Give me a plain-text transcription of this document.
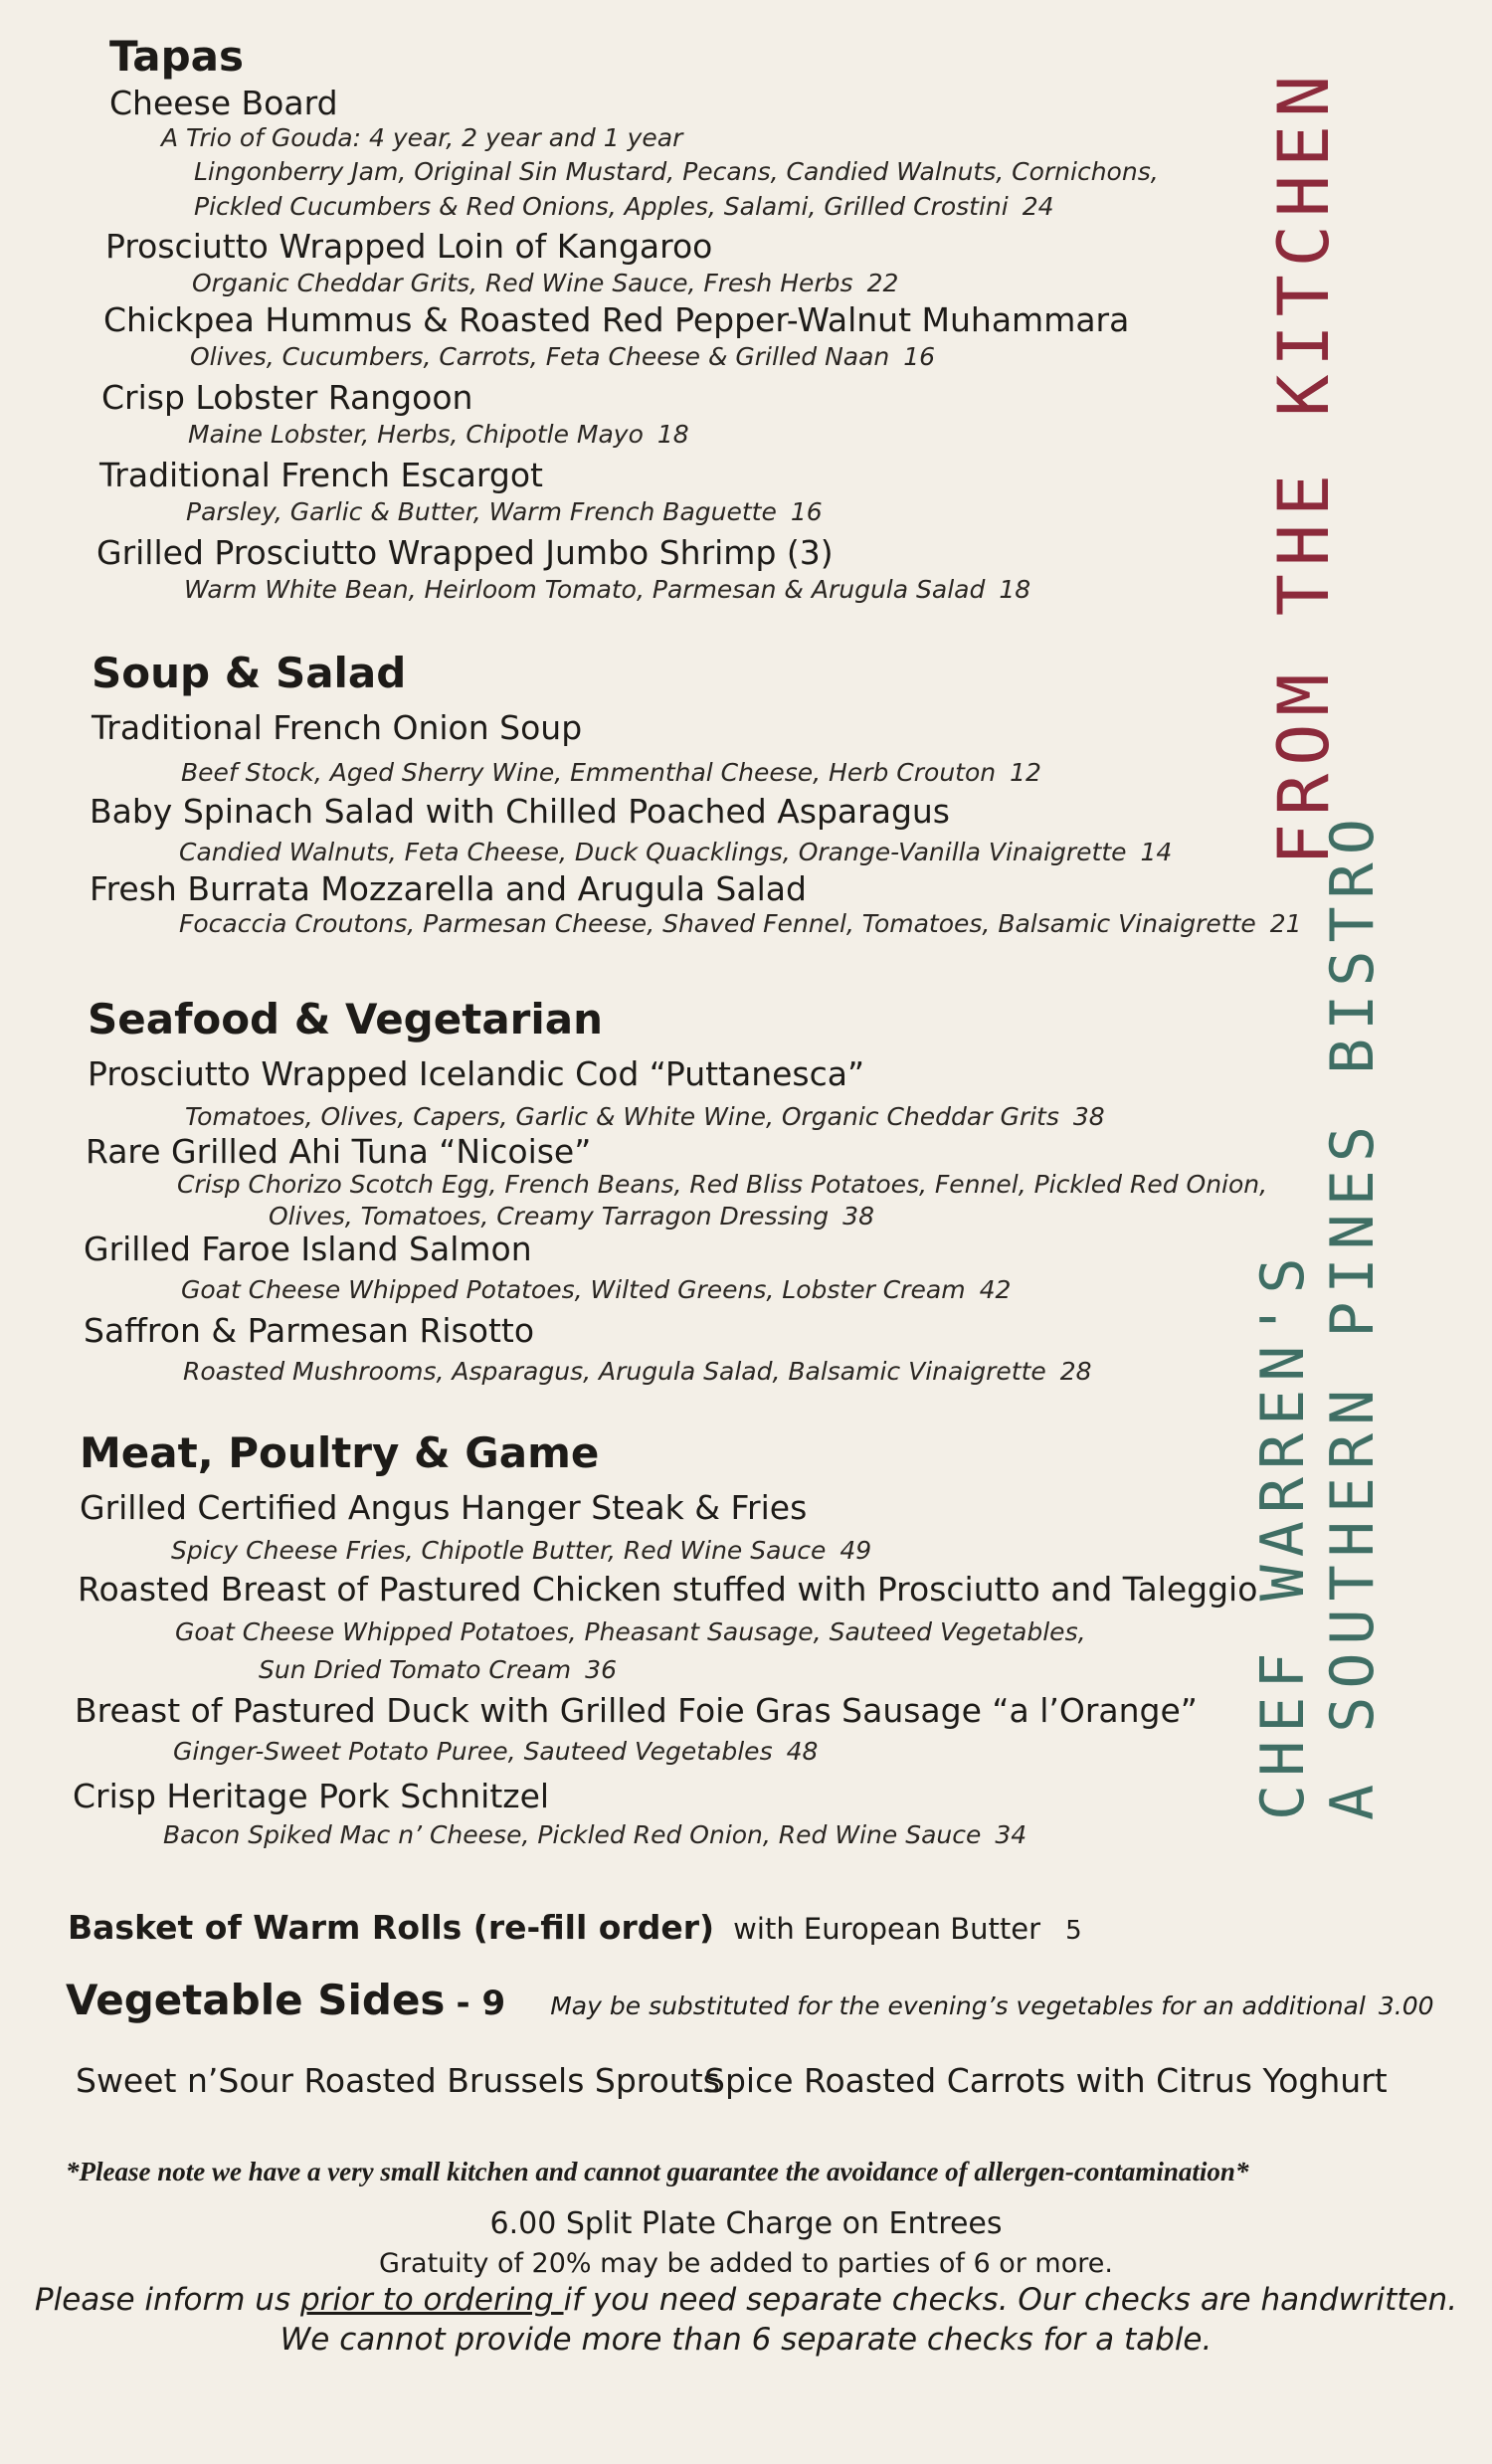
FROM THE KITCHEN
CHEF WARREN'S A SOUTHERN PINES BISTRO
Tapas
Cheese Board
A Trio of Gouda: 4 year, 2 year and 1 year
Lingonberry Jam, Original Sin Mustard, Pecans, Candied Walnuts, Cornichons,
Pickled Cucumbers & Red Onions, Apples, Salami, Grilled Crostini 24
Prosciutto Wrapped Loin of Kangaroo
Organic Cheddar Grits, Red Wine Sauce, Fresh Herbs 22
Chickpea Hummus & Roasted Red Pepper-Walnut Muhammara
Olives, Cucumbers, Carrots, Feta Cheese & Grilled Naan 16
Crisp Lobster Rangoon
Maine Lobster, Herbs, Chipotle Mayo 18
Traditional French Escargot
Parsley, Garlic & Butter, Warm French Baguette 16
Grilled Prosciutto Wrapped Jumbo Shrimp (3)
Warm White Bean, Heirloom Tomato, Parmesan & Arugula Salad 18
Soup & Salad
Traditional French Onion Soup
Beef Stock, Aged Sherry Wine, Emmenthal Cheese, Herb Crouton 12
Baby Spinach Salad with Chilled Poached Asparagus
Candied Walnuts, Feta Cheese, Duck Quacklings, Orange-Vanilla Vinaigrette 14
Fresh Burrata Mozzarella and Arugula Salad
Focaccia Croutons, Parmesan Cheese, Shaved Fennel, Tomatoes, Balsamic Vinaigrette 21
Seafood & Vegetarian
Prosciutto Wrapped Icelandic Cod “Puttanesca”
Tomatoes, Olives, Capers, Garlic & White Wine, Organic Cheddar Grits 38
Rare Grilled Ahi Tuna “Nicoise”
Crisp Chorizo Scotch Egg, French Beans, Red Bliss Potatoes, Fennel, Pickled Red Onion,
Olives, Tomatoes, Creamy Tarragon Dressing 38
Grilled Faroe Island Salmon
Goat Cheese Whipped Potatoes, Wilted Greens, Lobster Cream 42
Saffron & Parmesan Risotto
Roasted Mushrooms, Asparagus, Arugula Salad, Balsamic Vinaigrette 28
Meat, Poultry & Game
Grilled Certified Angus Hanger Steak & Fries
Spicy Cheese Fries, Chipotle Butter, Red Wine Sauce 49
Roasted Breast of Pastured Chicken stuffed with Prosciutto and Taleggio
Goat Cheese Whipped Potatoes, Pheasant Sausage, Sauteed Vegetables,
Sun Dried Tomato Cream 36
Breast of Pastured Duck with Grilled Foie Gras Sausage “a l’Orange”
Ginger-Sweet Potato Puree, Sauteed Vegetables 48
Crisp Heritage Pork Schnitzel
Bacon Spiked Mac n’ Cheese, Pickled Red Onion, Red Wine Sauce 34
Basket of Warm Rolls (re-fill order) with European Butter 5
Vegetable Sides - 9 May be substituted for the evening’s vegetables for an additional 3.00
Sweet n’Sour Roasted Brussels Sprouts
Spice Roasted Carrots with Citrus Yoghurt
*Please note we have a very small kitchen and cannot guarantee the avoidance of allergen-contamination*
6.00 Split Plate Charge on Entrees
Gratuity of 20% may be added to parties of 6 or more.
Please inform us prior to ordering if you need separate checks. Our checks are handwritten.
We cannot provide more than 6 separate checks for a table.
